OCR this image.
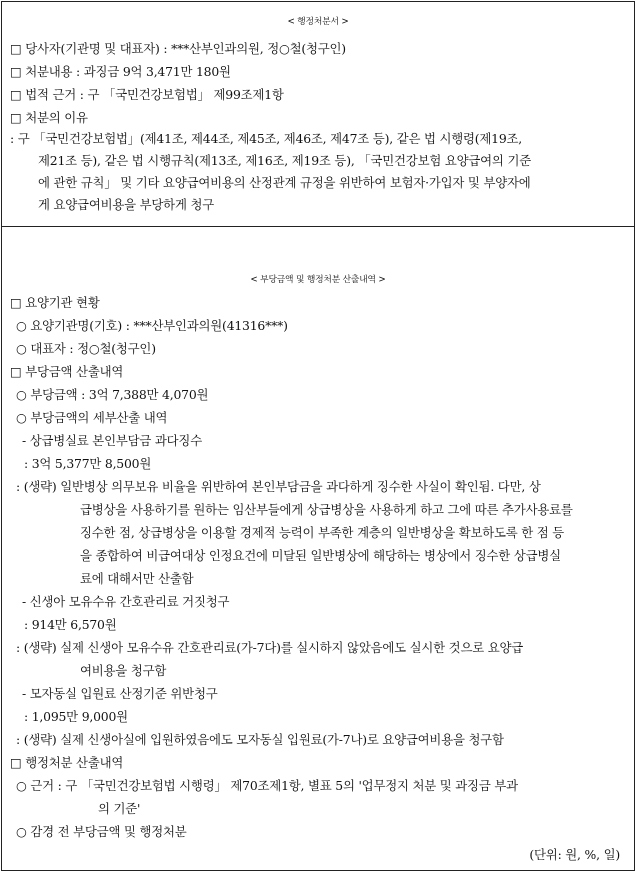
< 행정처분서 >
□ 당사자(기관명 및 대표자) : ***산부인과의원, 정○철(청구인)
□ 처분내용 : 과징금 9억 3,471만 180원
□ 법적 근거 : 구 「국민건강보험법」 제99조제1항
□ 처분의 이유
: 구 「국민건강보험법」(제41조, 제44조, 제45조, 제46조, 제47조 등), 같은 법 시행령(제19조,
제21조 등), 같은 법 시행규칙(제13조, 제16조, 제19조 등), 「국민건강보험 요양급여의 기준
에 관한 규칙」 및 기타 요양급여비용의 산정관계 규정을 위반하여 보험자·가입자 및 부양자에
게 요양급여비용을 부당하게 청구
< 부당금액 및 행정처분 산출내역 >
□ 요양기관 현황
○ 요양기관명(기호) : ***산부인과의원(41316***)
○ 대표자 : 정○철(청구인)
□ 부당금액 산출내역
○ 부당금액 : 3억 7,388만 4,070원
○ 부당금액의 세부산출 내역
- 상급병실료 본인부담금 과다징수
: 3억 5,377만 8,500원
: (생략) 일반병상 의무보유 비율을 위반하여 본인부담금을 과다하게 징수한 사실이 확인됨. 다만, 상
급병상을 사용하기를 원하는 임산부들에게 상급병상을 사용하게 하고 그에 따른 추가사용료를
징수한 점, 상급병상을 이용할 경제적 능력이 부족한 계층의 일반병상을 확보하도록 한 점 등
을 종합하여 비급여대상 인정요건에 미달된 일반병상에 해당하는 병상에서 징수한 상급병실
료에 대해서만 산출함
- 신생아 모유수유 간호관리료 거짓청구
: 914만 6,570원
: (생략) 실제 신생아 모유수유 간호관리료(가-7다)를 실시하지 않았음에도 실시한 것으로 요양급
여비용을 청구함
- 모자동실 입원료 산정기준 위반청구
: 1,095만 9,000원
: (생략) 실제 신생아실에 입원하였음에도 모자동실 입원료(가-7나)로 요양급여비용을 청구함
□ 행정처분 산출내역
○ 근거 : 구 「국민건강보험법 시행령」 제70조제1항, 별표 5의 '업무정지 처분 및 과징금 부과
의 기준'
○ 감경 전 부당금액 및 행정처분
(단위: 원, %, 일)
